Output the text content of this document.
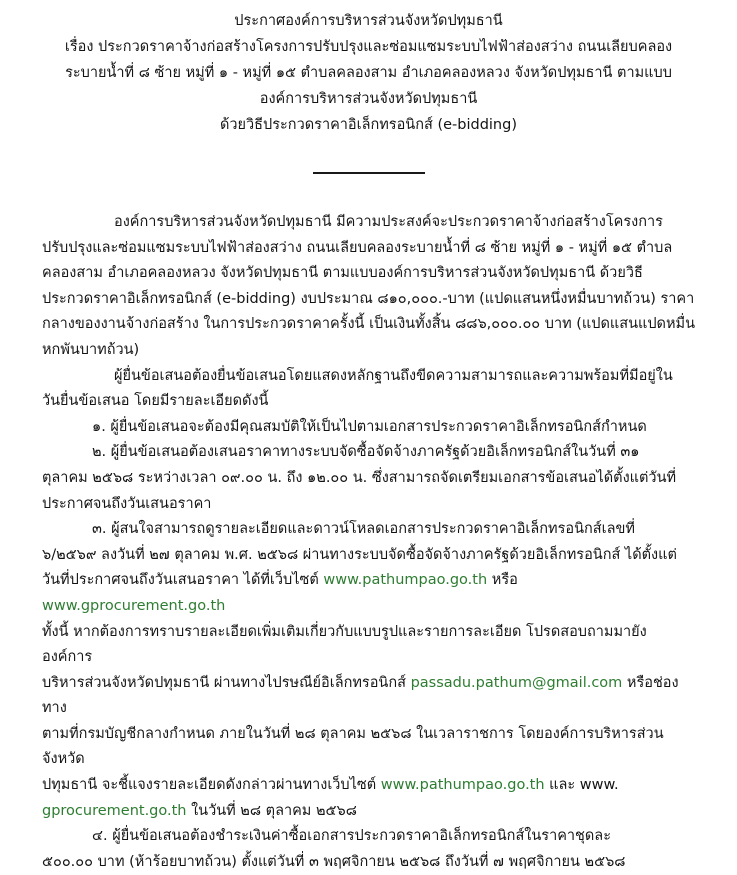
ประกาศองค์การบริหารส่วนจังหวัดปทุมธานี
เรื่อง ประกวดราคาจ้างก่อสร้างโครงการปรับปรุงและซ่อมแซมระบบไฟฟ้าส่องสว่าง ถนนเลียบคลอง
ระบายน้ำที่ ๘ ซ้าย หมู่ที่ ๑ - หมู่ที่ ๑๕ ตำบลคลองสาม อำเภอคลองหลวง จังหวัดปทุมธานี ตามแบบ
องค์การบริหารส่วนจังหวัดปทุมธานี
ด้วยวิธีประกวดราคาอิเล็กทรอนิกส์ (e-bidding)
องค์การบริหารส่วนจังหวัดปทุมธานี มีความประสงค์จะประกวดราคาจ้างก่อสร้างโครงการ
ปรับปรุงและซ่อมแซมระบบไฟฟ้าส่องสว่าง ถนนเลียบคลองระบายน้ำที่ ๘ ซ้าย หมู่ที่ ๑ - หมู่ที่ ๑๕ ตำบล
คลองสาม อำเภอคลองหลวง จังหวัดปทุมธานี ตามแบบองค์การบริหารส่วนจังหวัดปทุมธานี ด้วยวิธี
ประกวดราคาอิเล็กทรอนิกส์ (e-bidding) งบประมาณ ๘๑๐,๐๐๐.-บาท (แปดแสนหนึ่งหมื่นบาทถ้วน) ราคา
กลางของงานจ้างก่อสร้าง ในการประกวดราคาครั้งนี้ เป็นเงินทั้งสิ้น ๘๘๖,๐๐๐.๐๐ บาท (แปดแสนแปดหมื่น
หกพันบาทถ้วน)
ผู้ยื่นข้อเสนอต้องยื่นข้อเสนอโดยแสดงหลักฐานถึงขีดความสามารถและความพร้อมที่มีอยู่ใน
วันยื่นข้อเสนอ โดยมีรายละเอียดดังนี้
๑. ผู้ยื่นข้อเสนอจะต้องมีคุณสมบัติให้เป็นไปตามเอกสารประกวดราคาอิเล็กทรอนิกส์กำหนด
๒. ผู้ยื่นข้อเสนอต้องเสนอราคาทางระบบจัดซื้อจัดจ้างภาครัฐด้วยอิเล็กทรอนิกส์ในวันที่ ๓๑
ตุลาคม ๒๕๖๘ ระหว่างเวลา ๐๙.๐๐ น. ถึง ๑๒.๐๐ น. ซึ่งสามารถจัดเตรียมเอกสารข้อเสนอได้ตั้งแต่วันที่
ประกาศจนถึงวันเสนอราคา
๓. ผู้สนใจสามารถดูรายละเอียดและดาวน์โหลดเอกสารประกวดราคาอิเล็กทรอนิกส์เลขที่
๖/๒๕๖๙ ลงวันที่ ๒๗ ตุลาคม พ.ศ. ๒๕๖๘ ผ่านทางระบบจัดซื้อจัดจ้างภาครัฐด้วยอิเล็กทรอนิกส์ ได้ตั้งแต่
วันที่ประกาศจนถึงวันเสนอราคา ได้ที่เว็บไซต์ www.pathumpao.go.th หรือ www.gprocurement.go.th
ทั้งนี้ หากต้องการทราบรายละเอียดเพิ่มเติมเกี่ยวกับแบบรูปและรายการละเอียด โปรดสอบถามมายัง องค์การ
บริหารส่วนจังหวัดปทุมธานี ผ่านทางไปรษณีย์อิเล็กทรอนิกส์ passadu.pathum@gmail.com หรือช่องทาง
ตามที่กรมบัญชีกลางกำหนด ภายในวันที่ ๒๘ ตุลาคม ๒๕๖๘ ในเวลาราชการ โดยองค์การบริหารส่วนจังหวัด
ปทุมธานี จะชี้แจงรายละเอียดดังกล่าวผ่านทางเว็บไซต์ www.pathumpao.go.th และ www.
gprocurement.go.th ในวันที่ ๒๘ ตุลาคม ๒๕๖๘
๔. ผู้ยื่นข้อเสนอต้องชำระเงินค่าซื้อเอกสารประกวดราคาอิเล็กทรอนิกส์ในราคาชุดละ
๕๐๐.๐๐ บาท (ห้าร้อยบาทถ้วน) ตั้งแต่วันที่ ๓ พฤศจิกายน ๒๕๖๘ ถึงวันที่ ๗ พฤศจิกายน ๒๕๖๘
